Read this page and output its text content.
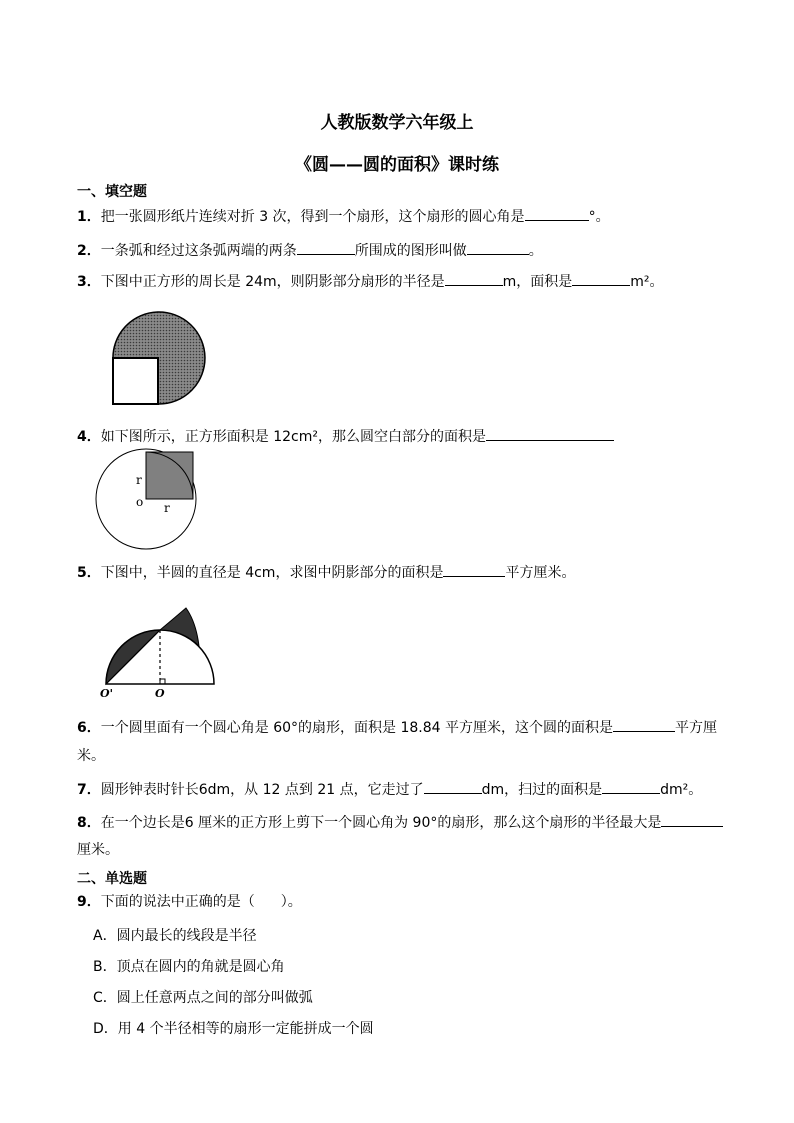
人教版数学六年级上
《圆——圆的面积》课时练
一、填空题
1．把一张圆形纸片连续对折 3 次，得到一个扇形，这个扇形的圆心角是	°。
2．一条弧和经过这条弧两端的两条	所围成的图形叫做	。
3．下图中正方形的周长是 24m，则阴影部分扇形的半径是	m，面积是	m²。
4．如下图所示，正方形面积是 12cm²，那么圆空白部分的面积是
r
o r
5．下图中，半圆的直径是 4cm，求图中阴影部分的面积是	平方厘米。
O'	O
6．一个圆里面有一个圆心角是 60°的扇形，面积是 18.84 平方厘米，这个圆的面积是	平方厘
米。
7．圆形钟表时针长6dm，从 12 点到 21 点，它走过了	dm，扫过的面积是	dm²。
8．在一个边长是6 厘米的正方形上剪下一个圆心角为 90°的扇形，那么这个扇形的半径最大是
厘米。
二、单选题
9．下面的说法中正确的是（ ）。
A．圆内最长的线段是半径
B．顶点在圆内的角就是圆心角
C．圆上任意两点之间的部分叫做弧
D．用 4 个半径相等的扇形一定能拼成一个圆
